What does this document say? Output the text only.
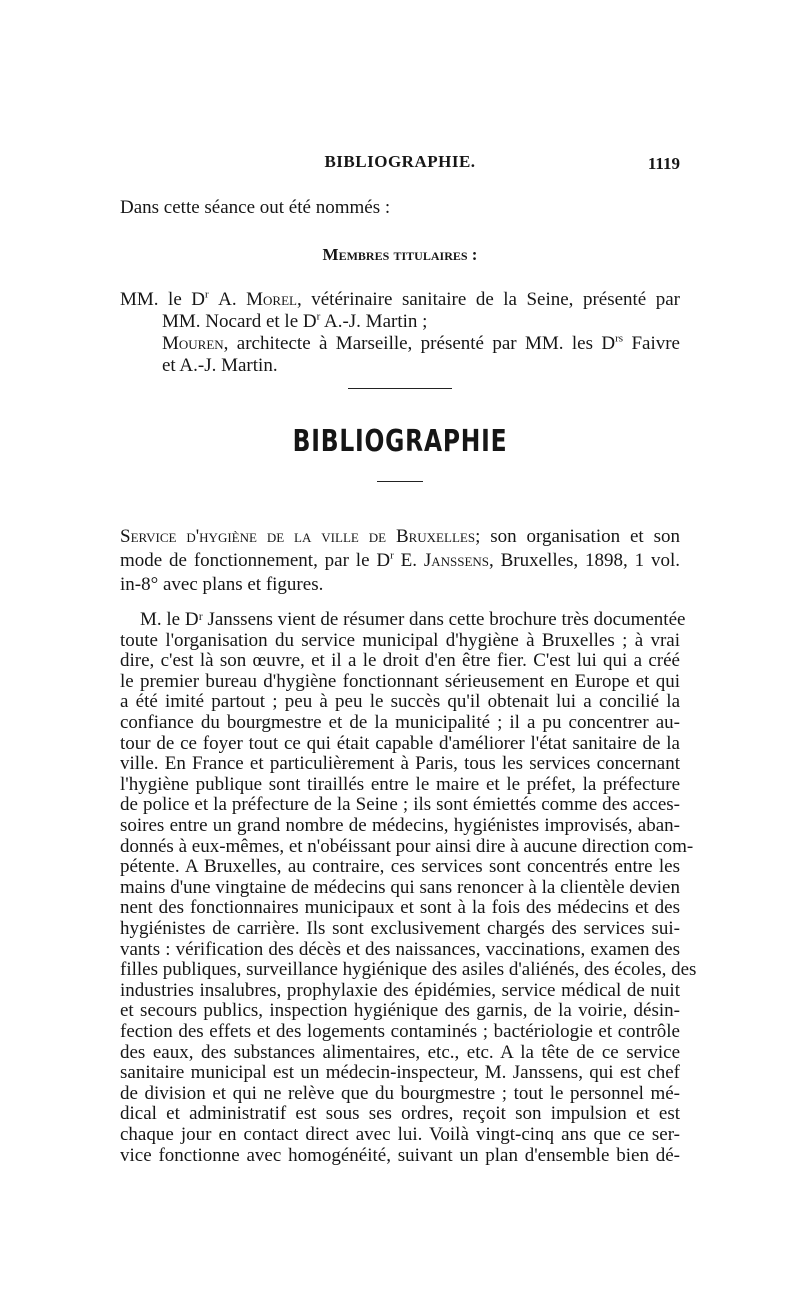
BIBLIOGRAPHIE.	1119
Dans cette séance out été nommés :
Membres titulaires :
MM. le $D^r$ A. Morel, vétérinaire sanitaire de la Seine, présenté par
MM. Nocard et le $D^r$ A.-J. Martin ;
Mouren, architecte à Marseille, présenté par MM. les $D^{rs}$ Faivre
et A.-J. Martin.
BIBLIOGRAPHIE
Service d'hygiène de la ville de Bruxelles; son organisation et son
mode de fonctionnement, par le $D^r$ E. Janssens, Bruxelles, 1898, 1 vol.
in-8° avec plans et figures.
M. le Dʳ Janssens vient de résumer dans cette brochure très documentée
toute l'organisation du service municipal d'hygiène à Bruxelles ; à vrai
dire, c'est là son œuvre, et il a le droit d'en être fier. C'est lui qui a créé
le premier bureau d'hygiène fonctionnant sérieusement en Europe et qui
a été imité partout ; peu à peu le succès qu'il obtenait lui a concilié la
confiance du bourgmestre et de la municipalité ; il a pu concentrer au-
tour de ce foyer tout ce qui était capable d'améliorer l'état sanitaire de la
ville. En France et particulièrement à Paris, tous les services concernant
l'hygiène publique sont tiraillés entre le maire et le préfet, la préfecture
de police et la préfecture de la Seine ; ils sont émiettés comme des acces-
soires entre un grand nombre de médecins, hygiénistes improvisés, aban-
donnés à eux-mêmes, et n'obéissant pour ainsi dire à aucune direction com-
pétente. A Bruxelles, au contraire, ces services sont concentrés entre les
mains d'une vingtaine de médecins qui sans renoncer à la clientèle devien
nent des fonctionnaires municipaux et sont à la fois des médecins et des
hygiénistes de carrière. Ils sont exclusivement chargés des services sui-
vants : vérification des décès et des naissances, vaccinations, examen des
filles publiques, surveillance hygiénique des asiles d'aliénés, des écoles, des
industries insalubres, prophylaxie des épidémies, service médical de nuit
et secours publics, inspection hygiénique des garnis, de la voirie, désin-
fection des effets et des logements contaminés ; bactériologie et contrôle
des eaux, des substances alimentaires, etc., etc. A la tête de ce service
sanitaire municipal est un médecin-inspecteur, M. Janssens, qui est chef
de division et qui ne relève que du bourgmestre ; tout le personnel mé-
dical et administratif est sous ses ordres, reçoit son impulsion et est
chaque jour en contact direct avec lui. Voilà vingt-cinq ans que ce ser-
vice fonctionne avec homogénéité, suivant un plan d'ensemble bien dé-
